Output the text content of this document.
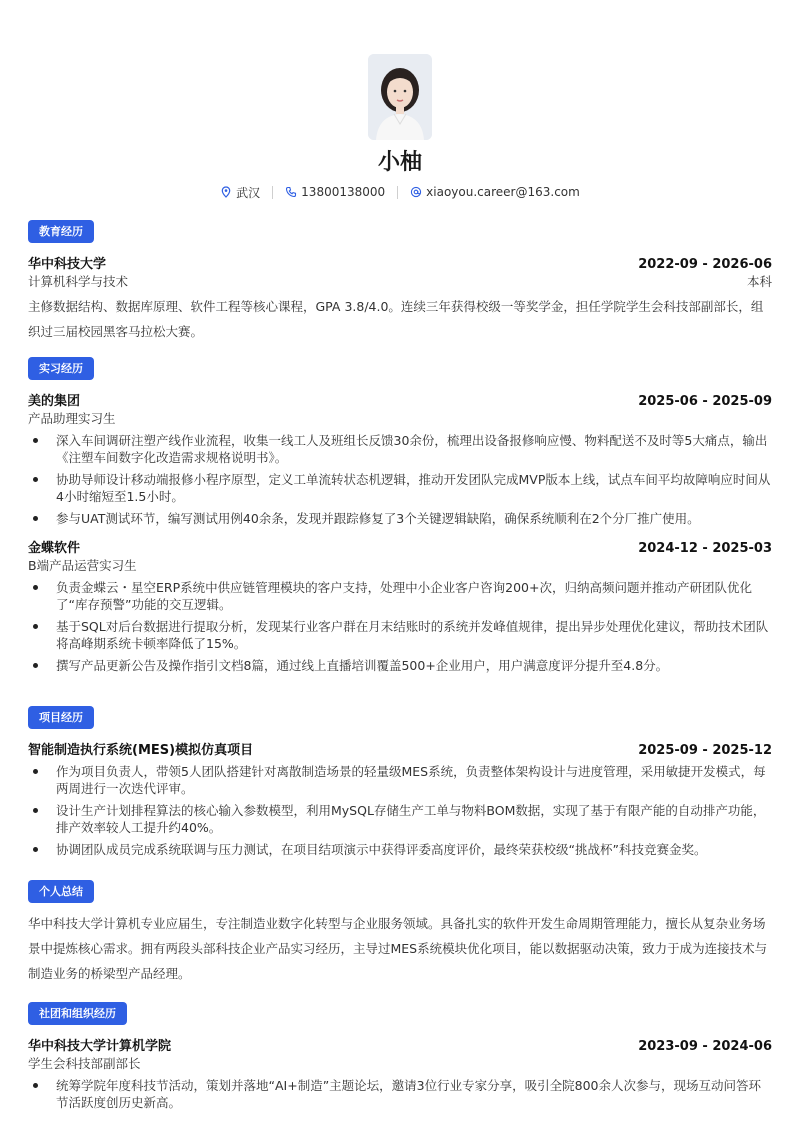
小柚
武汉	13800138000	xiaoyou.career@163.com
教育经历
华中科技大学	2022-09 - 2026-06
计算机科学与技术	本科
主修数据结构、数据库原理、软件工程等核心课程，GPA 3.8/4.0。连续三年获得校级一等奖学金，担任学院学生会科技部副部长，组织过三届校园黑客马拉松大赛。
实习经历
美的集团	2025-06 - 2025-09
产品助理实习生
深入车间调研注塑产线作业流程，收集一线工人及班组长反馈30余份，梳理出设备报修响应慢、物料配送不及时等5大痛点，输出《注塑车间数字化改造需求规格说明书》。
协助导师设计移动端报修小程序原型，定义工单流转状态机逻辑，推动开发团队完成MVP版本上线，试点车间平均故障响应时间从4小时缩短至1.5小时。
参与UAT测试环节，编写测试用例40余条，发现并跟踪修复了3个关键逻辑缺陷，确保系统顺利在2个分厂推广使用。
金蝶软件	2024-12 - 2025-03
B端产品运营实习生
负责金蝶云・星空ERP系统中供应链管理模块的客户支持，处理中小企业客户咨询200+次，归纳高频问题并推动产研团队优化了“库存预警”功能的交互逻辑。
基于SQL对后台数据进行提取分析，发现某行业客户群在月末结账时的系统并发峰值规律，提出异步处理优化建议，帮助技术团队将高峰期系统卡顿率降低了15%。
撰写产品更新公告及操作指引文档8篇，通过线上直播培训覆盖500+企业用户，用户满意度评分提升至4.8分。
项目经历
智能制造执行系统(MES)模拟仿真项目	2025-09 - 2025-12
作为项目负责人，带领5人团队搭建针对离散制造场景的轻量级MES系统，负责整体架构设计与进度管理，采用敏捷开发模式，每两周进行一次迭代评审。
设计生产计划排程算法的核心输入参数模型，利用MySQL存储生产工单与物料BOM数据，实现了基于有限产能的自动排产功能，排产效率较人工提升约40%。
协调团队成员完成系统联调与压力测试，在项目结项演示中获得评委高度评价，最终荣获校级“挑战杯”科技竞赛金奖。
个人总结
华中科技大学计算机专业应届生，专注制造业数字化转型与企业服务领域。具备扎实的软件开发生命周期管理能力，擅长从复杂业务场景中提炼核心需求。拥有两段头部科技企业产品实习经历，主导过MES系统模块优化项目，能以数据驱动决策，致力于成为连接技术与制造业务的桥梁型产品经理。
社团和组织经历
华中科技大学计算机学院	2023-09 - 2024-06
学生会科技部副部长
统筹学院年度科技节活动，策划并落地“AI+制造”主题论坛，邀请3位行业专家分享，吸引全院800余人次参与，现场互动问答环节活跃度创历史新高。
